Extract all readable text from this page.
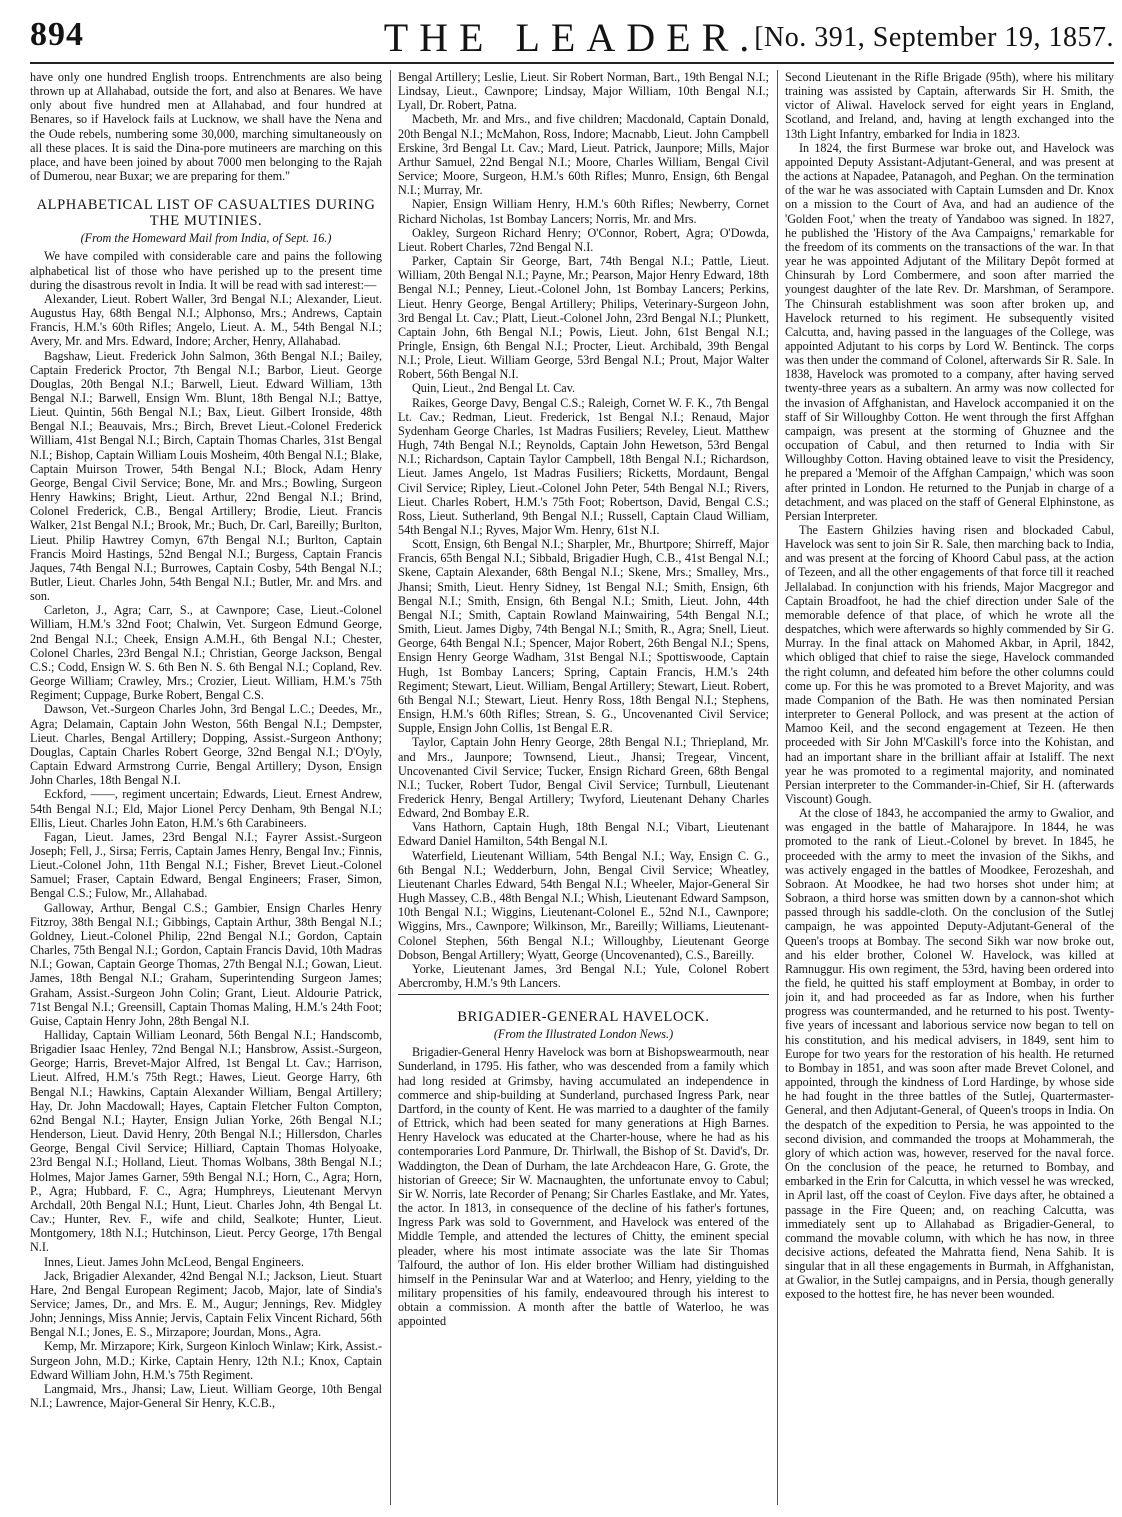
894	THE LEADER.
[No. 391, September 19, 1857.

have only one hundred English troops. Entrenchments are also being thrown up at Allahabad, outside the fort, and also at Benares. We have only about five hundred men at Allahabad, and four hundred at Benares, so if Havelock fails at Lucknow, we shall have the Nena and the Oude rebels, numbering some 30,000, marching simultaneously on all these places. It is said the Dina-pore mutineers are marching on this place, and have been joined by about 7000 men belonging to the Rajah of Dumerou, near Buxar; we are preparing for them."

ALPHABETICAL LIST OF CASUALTIES DURING THE MUTINIES.
(From the Homeward Mail from India, of Sept. 16.)

We have compiled with considerable care and pains the following alphabetical list of those who have perished up to the present time during the disastrous revolt in India. It will be read with sad interest:—

Alexander, Lieut. Robert Waller, 3rd Bengal N.I.; Alexander, Lieut. Augustus Hay, 68th Bengal N.I.; Alphonso, Mrs.; Andrews, Captain Francis, H.M.'s 60th Rifles; Angelo, Lieut. A. M., 54th Bengal N.I.; Avery, Mr. and Mrs. Edward, Indore; Archer, Henry, Allahabad.

Bagshaw, Lieut. Frederick John Salmon, 36th Bengal N.I.; Bailey, Captain Frederick Proctor, 7th Bengal N.I.; Barbor, Lieut. George Douglas, 20th Bengal N.I.; Barwell, Lieut. Edward William, 13th Bengal N.I.; Barwell, Ensign Wm. Blunt, 18th Bengal N.I.; Battye, Lieut. Quintin, 56th Bengal N.I.; Bax, Lieut. Gilbert Ironside, 48th Bengal N.I.; Beauvais, Mrs.; Birch, Brevet Lieut.-Colonel Frederick William, 41st Bengal N.I.; Birch, Captain Thomas Charles, 31st Bengal N.I.; Bishop, Captain William Louis Mosheim, 40th Bengal N.I.; Blake, Captain Muirson Trower, 54th Bengal N.I.; Block, Adam Henry George, Bengal Civil Service; Bone, Mr. and Mrs.; Bowling, Surgeon Henry Hawkins; Bright, Lieut. Arthur, 22nd Bengal N.I.; Brind, Colonel Frederick, C.B., Bengal Artillery; Brodie, Lieut. Francis Walker, 21st Bengal N.I.; Brook, Mr.; Buch, Dr. Carl, Bareilly; Burlton, Lieut. Philip Hawtrey Comyn, 67th Bengal N.I.; Burlton, Captain Francis Moird Hastings, 52nd Bengal N.I.; Burgess, Captain Francis Jaques, 74th Bengal N.I.; Burrowes, Captain Cosby, 54th Bengal N.I.; Butler, Lieut. Charles John, 54th Bengal N.I.; Butler, Mr. and Mrs. and son.

Carleton, J., Agra; Carr, S., at Cawnpore; Case, Lieut.-Colonel William, H.M.'s 32nd Foot; Chalwin, Vet. Surgeon Edmund George, 2nd Bengal N.I.; Cheek, Ensign A.M.H., 6th Bengal N.I.; Chester, Colonel Charles, 23rd Bengal N.I.; Christian, George Jackson, Bengal C.S.; Codd, Ensign W. S. 6th Ben N. S. 6th Bengal N.I.; Copland, Rev. George William; Crawley, Mrs.; Crozier, Lieut. William, H.M.'s 75th Regiment; Cuppage, Burke Robert, Bengal C.S.

Dawson, Vet.-Surgeon Charles John, 3rd Bengal L.C.; Deedes, Mr., Agra; Delamain, Captain John Weston, 56th Bengal N.I.; Dempster, Lieut. Charles, Bengal Artillery; Dopping, Assist.-Surgeon Anthony; Douglas, Captain Charles Robert George, 32nd Bengal N.I.; D'Oyly, Captain Edward Armstrong Currie, Bengal Artillery; Dyson, Ensign John Charles, 18th Bengal N.I.

Eckford, ——, regiment uncertain; Edwards, Lieut. Ernest Andrew, 54th Bengal N.I.; Eld, Major Lionel Percy Denham, 9th Bengal N.I.; Ellis, Lieut. Charles John Eaton, H.M.'s 6th Carabineers.

Fagan, Lieut. James, 23rd Bengal N.I.; Fayrer Assist.-Surgeon Joseph; Fell, J., Sirsa; Ferris, Captain James Henry, Bengal Inv.; Finnis, Lieut.-Colonel John, 11th Bengal N.I.; Fisher, Brevet Lieut.-Colonel Samuel; Fraser, Captain Edward, Bengal Engineers; Fraser, Simon, Bengal C.S.; Fulow, Mr., Allahabad.

Galloway, Arthur, Bengal C.S.; Gambier, Ensign Charles Henry Fitzroy, 38th Bengal N.I.; Gibbings, Captain Arthur, 38th Bengal N.I.; Goldney, Lieut.-Colonel Philip, 22nd Bengal N.I.; Gordon, Captain Charles, 75th Bengal N.I.; Gordon, Captain Francis David, 10th Madras N.I.; Gowan, Captain George Thomas, 27th Bengal N.I.; Gowan, Lieut. James, 18th Bengal N.I.; Graham, Superintending Surgeon James; Graham, Assist.-Surgeon John Colin; Grant, Lieut. Aldourie Patrick, 71st Bengal N.I.; Greensill, Captain Thomas Maling, H.M.'s 24th Foot; Guise, Captain Henry John, 28th Bengal N.I.

Halliday, Captain William Leonard, 56th Bengal N.I.; Handscomb, Brigadier Isaac Henley, 72nd Bengal N.I.; Hansbrow, Assist.-Surgeon, George; Harris, Brevet-Major Alfred, 1st Bengal Lt. Cav.; Harrison, Lieut. Alfred, H.M.'s 75th Regt.; Hawes, Lieut. George Harry, 6th Bengal N.I.; Hawkins, Captain Alexander William, Bengal Artillery; Hay, Dr. John Macdowall; Hayes, Captain Fletcher Fulton Compton, 62nd Bengal N.I.; Hayter, Ensign Julian Yorke, 26th Bengal N.I.; Henderson, Lieut. David Henry, 20th Bengal N.I.; Hillersdon, Charles George, Bengal Civil Service; Hilliard, Captain Thomas Holyoake, 23rd Bengal N.I.; Holland, Lieut. Thomas Wolbans, 38th Bengal N.I.; Holmes, Major James Garner, 59th Bengal N.I.; Horn, C., Agra; Horn, P., Agra; Hubbard, F. C., Agra; Humphreys, Lieutenant Mervyn Archdall, 20th Bengal N.I.; Hunt, Lieut. Charles John, 4th Bengal Lt. Cav.; Hunter, Rev. F., wife and child, Sealkote; Hunter, Lieut. Montgomery, 18th N.I.; Hutchinson, Lieut. Percy George, 17th Bengal N.I.

Innes, Lieut. James John McLeod, Bengal Engineers.

Jack, Brigadier Alexander, 42nd Bengal N.I.; Jackson, Lieut. Stuart Hare, 2nd Bengal European Regiment; Jacob, Major, late of Sindia's Service; James, Dr., and Mrs. E. M., Augur; Jennings, Rev. Midgley John; Jennings, Miss Annie; Jervis, Captain Felix Vincent Richard, 56th Bengal N.I.; Jones, E. S., Mirzapore; Jourdan, Mons., Agra.

Kemp, Mr. Mirzapore; Kirk, Surgeon Kinloch Winlaw; Kirk, Assist.-Surgeon John, M.D.; Kirke, Captain Henry, 12th N.I.; Knox, Captain Edward William John, H.M.'s 75th Regiment.

Langmaid, Mrs., Jhansi; Law, Lieut. William George, 10th Bengal N.I.; Lawrence, Major-General Sir Henry, K.C.B.,

Bengal Artillery; Leslie, Lieut. Sir Robert Norman, Bart., 19th Bengal N.I.; Lindsay, Lieut., Cawnpore; Lindsay, Major William, 10th Bengal N.I.; Lyall, Dr. Robert, Patna.

Macbeth, Mr. and Mrs., and five children; Macdonald, Captain Donald, 20th Bengal N.I.; McMahon, Ross, Indore; Macnabb, Lieut. John Campbell Erskine, 3rd Bengal Lt. Cav.; Mard, Lieut. Patrick, Jaunpore; Mills, Major Arthur Samuel, 22nd Bengal N.I.; Moore, Charles William, Bengal Civil Service; Moore, Surgeon, H.M.'s 60th Rifles; Munro, Ensign, 6th Bengal N.I.; Murray, Mr.

Napier, Ensign William Henry, H.M.'s 60th Rifles; Newberry, Cornet Richard Nicholas, 1st Bombay Lancers; Norris, Mr. and Mrs.

Oakley, Surgeon Richard Henry; O'Connor, Robert, Agra; O'Dowda, Lieut. Robert Charles, 72nd Bengal N.I.

Parker, Captain Sir George, Bart, 74th Bengal N.I.; Pattle, Lieut. William, 20th Bengal N.I.; Payne, Mr.; Pearson, Major Henry Edward, 18th Bengal N.I.; Penney, Lieut.-Colonel John, 1st Bombay Lancers; Perkins, Lieut. Henry George, Bengal Artillery; Philips, Veterinary-Surgeon John, 3rd Bengal Lt. Cav.; Platt, Lieut.-Colonel John, 23rd Bengal N.I.; Plunkett, Captain John, 6th Bengal N.I.; Powis, Lieut. John, 61st Bengal N.I.; Pringle, Ensign, 6th Bengal N.I.; Procter, Lieut. Archibald, 39th Bengal N.I.; Prole, Lieut. William George, 53rd Bengal N.I.; Prout, Major Walter Robert, 56th Bengal N.I.

Quin, Lieut., 2nd Bengal Lt. Cav.

Raikes, George Davy, Bengal C.S.; Raleigh, Cornet W. F. K., 7th Bengal Lt. Cav.; Redman, Lieut. Frederick, 1st Bengal N.I.; Renaud, Major Sydenham George Charles, 1st Madras Fusiliers; Reveley, Lieut. Matthew Hugh, 74th Bengal N.I.; Reynolds, Captain John Hewetson, 53rd Bengal N.I.; Richardson, Captain Taylor Campbell, 18th Bengal N.I.; Richardson, Lieut. James Angelo, 1st Madras Fusiliers; Ricketts, Mordaunt, Bengal Civil Service; Ripley, Lieut.-Colonel John Peter, 54th Bengal N.I.; Rivers, Lieut. Charles Robert, H.M.'s 75th Foot; Robertson, David, Bengal C.S.; Ross, Lieut. Sutherland, 9th Bengal N.I.; Russell, Captain Claud William, 54th Bengal N.I.; Ryves, Major Wm. Henry, 61st N.I.

Scott, Ensign, 6th Bengal N.I.; Sharpler, Mr., Bhurtpore; Shirreff, Major Francis, 65th Bengal N.I.; Sibbald, Brigadier Hugh, C.B., 41st Bengal N.I.; Skene, Captain Alexander, 68th Bengal N.I.; Skene, Mrs.; Smalley, Mrs., Jhansi; Smith, Lieut. Henry Sidney, 1st Bengal N.I.; Smith, Ensign, 6th Bengal N.I.; Smith, Ensign, 6th Bengal N.I.; Smith, Lieut. John, 44th Bengal N.I.; Smith, Captain Rowland Mainwairing, 54th Bengal N.I.; Smith, Lieut. James Digby, 74th Bengal N.I.; Smith, R., Agra; Snell, Lieut. George, 64th Bengal N.I.; Spencer, Major Robert, 26th Bengal N.I.; Spens, Ensign Henry George Wadham, 31st Bengal N.I.; Spottiswoode, Captain Hugh, 1st Bombay Lancers; Spring, Captain Francis, H.M.'s 24th Regiment; Stewart, Lieut. William, Bengal Artillery; Stewart, Lieut. Robert, 6th Bengal N.I.; Stewart, Lieut. Henry Ross, 18th Bengal N.I.; Stephens, Ensign, H.M.'s 60th Rifles; Strean, S. G., Uncovenanted Civil Service; Supple, Ensign John Collis, 1st Bengal E.R.

Taylor, Captain John Henry George, 28th Bengal N.I.; Thriepland, Mr. and Mrs., Jaunpore; Townsend, Lieut., Jhansi; Tregear, Vincent, Uncovenanted Civil Service; Tucker, Ensign Richard Green, 68th Bengal N.I.; Tucker, Robert Tudor, Bengal Civil Service; Turnbull, Lieutenant Frederick Henry, Bengal Artillery; Twyford, Lieutenant Dehany Charles Edward, 2nd Bombay E.R.

Vans Hathorn, Captain Hugh, 18th Bengal N.I.; Vibart, Lieutenant Edward Daniel Hamilton, 54th Bengal N.I.

Waterfield, Lieutenant William, 54th Bengal N.I.; Way, Ensign C. G., 6th Bengal N.I.; Wedderburn, John, Bengal Civil Service; Wheatley, Lieutenant Charles Edward, 54th Bengal N.I.; Wheeler, Major-General Sir Hugh Massey, C.B., 48th Bengal N.I.; Whish, Lieutenant Edward Sampson, 10th Bengal N.I.; Wiggins, Lieutenant-Colonel E., 52nd N.I., Cawnpore; Wiggins, Mrs., Cawnpore; Wilkinson, Mr., Bareilly; Williams, Lieutenant-Colonel Stephen, 56th Bengal N.I.; Willoughby, Lieutenant George Dobson, Bengal Artillery; Wyatt, George (Uncovenanted), C.S., Bareilly.

Yorke, Lieutenant James, 3rd Bengal N.I.; Yule, Colonel Robert Abercromby, H.M.'s 9th Lancers.

BRIGADIER-GENERAL HAVELOCK.
(From the Illustrated London News.)

Brigadier-General Henry Havelock was born at Bishopswearmouth, near Sunderland, in 1795. His father, who was descended from a family which had long resided at Grimsby, having accumulated an independence in commerce and ship-building at Sunderland, purchased Ingress Park, near Dartford, in the county of Kent. He was married to a daughter of the family of Ettrick, which had been seated for many generations at High Barnes. Henry Havelock was educated at the Charter-house, where he had as his contemporaries Lord Panmure, Dr. Thirlwall, the Bishop of St. David's, Dr. Waddington, the Dean of Durham, the late Archdeacon Hare, G. Grote, the historian of Greece; Sir W. Macnaughten, the unfortunate envoy to Cabul; Sir W. Norris, late Recorder of Penang; Sir Charles Eastlake, and Mr. Yates, the actor. In 1813, in consequence of the decline of his father's fortunes, Ingress Park was sold to Government, and Havelock was entered of the Middle Temple, and attended the lectures of Chitty, the eminent special pleader, where his most intimate associate was the late Sir Thomas Talfourd, the author of Ion. His elder brother William had distinguished himself in the Peninsular War and at Waterloo; and Henry, yielding to the military propensities of his family, endeavoured through his interest to obtain a commission. A month after the battle of Waterloo, he was appointed

Second Lieutenant in the Rifle Brigade (95th), where his military training was assisted by Captain, afterwards Sir H. Smith, the victor of Aliwal. Havelock served for eight years in England, Scotland, and Ireland, and, having at length exchanged into the 13th Light Infantry, embarked for India in 1823.

In 1824, the first Burmese war broke out, and Havelock was appointed Deputy Assistant-Adjutant-General, and was present at the actions at Napadee, Patanagoh, and Peghan. On the termination of the war he was associated with Captain Lumsden and Dr. Knox on a mission to the Court of Ava, and had an audience of the 'Golden Foot,' when the treaty of Yandaboo was signed. In 1827, he published the 'History of the Ava Campaigns,' remarkable for the freedom of its comments on the transactions of the war. In that year he was appointed Adjutant of the Military Depôt formed at Chinsurah by Lord Combermere, and soon after married the youngest daughter of the late Rev. Dr. Marshman, of Serampore. The Chinsurah establishment was soon after broken up, and Havelock returned to his regiment. He subsequently visited Calcutta, and, having passed in the languages of the College, was appointed Adjutant to his corps by Lord W. Bentinck. The corps was then under the command of Colonel, afterwards Sir R. Sale. In 1838, Havelock was promoted to a company, after having served twenty-three years as a subaltern. An army was now collected for the invasion of Affghanistan, and Havelock accompanied it on the staff of Sir Willoughby Cotton. He went through the first Affghan campaign, was present at the storming of Ghuznee and the occupation of Cabul, and then returned to India with Sir Willoughby Cotton. Having obtained leave to visit the Presidency, he prepared a 'Memoir of the Affghan Campaign,' which was soon after printed in London. He returned to the Punjab in charge of a detachment, and was placed on the staff of General Elphinstone, as Persian Interpreter.

The Eastern Ghilzies having risen and blockaded Cabul, Havelock was sent to join Sir R. Sale, then marching back to India, and was present at the forcing of Khoord Cabul pass, at the action of Tezeen, and all the other engagements of that force till it reached Jellalabad. In conjunction with his friends, Major Macgregor and Captain Broadfoot, he had the chief direction under Sale of the memorable defence of that place, of which he wrote all the despatches, which were afterwards so highly commended by Sir G. Murray. In the final attack on Mahomed Akbar, in April, 1842, which obliged that chief to raise the siege, Havelock commanded the right column, and defeated him before the other columns could come up. For this he was promoted to a Brevet Majority, and was made Companion of the Bath. He was then nominated Persian interpreter to General Pollock, and was present at the action of Mamoo Keil, and the second engagement at Tezeen. He then proceeded with Sir John M'Caskill's force into the Kohistan, and had an important share in the brilliant affair at Istaliff. The next year he was promoted to a regimental majority, and nominated Persian interpreter to the Commander-in-Chief, Sir H. (afterwards Viscount) Gough.

At the close of 1843, he accompanied the army to Gwalior, and was engaged in the battle of Maharajpore. In 1844, he was promoted to the rank of Lieut.-Colonel by brevet. In 1845, he proceeded with the army to meet the invasion of the Sikhs, and was actively engaged in the battles of Moodkee, Ferozeshah, and Sobraon. At Moodkee, he had two horses shot under him; at Sobraon, a third horse was smitten down by a cannon-shot which passed through his saddle-cloth. On the conclusion of the Sutlej campaign, he was appointed Deputy-Adjutant-General of the Queen's troops at Bombay. The second Sikh war now broke out, and his elder brother, Colonel W. Havelock, was killed at Ramnuggur. His own regiment, the 53rd, having been ordered into the field, he quitted his staff employment at Bombay, in order to join it, and had proceeded as far as Indore, when his further progress was countermanded, and he returned to his post. Twenty-five years of incessant and laborious service now began to tell on his constitution, and his medical advisers, in 1849, sent him to Europe for two years for the restoration of his health. He returned to Bombay in 1851, and was soon after made Brevet Colonel, and appointed, through the kindness of Lord Hardinge, by whose side he had fought in the three battles of the Sutlej, Quartermaster-General, and then Adjutant-General, of Queen's troops in India. On the despatch of the expedition to Persia, he was appointed to the second division, and commanded the troops at Mohammerah, the glory of which action was, however, reserved for the naval force. On the conclusion of the peace, he returned to Bombay, and embarked in the Erin for Calcutta, in which vessel he was wrecked, in April last, off the coast of Ceylon. Five days after, he obtained a passage in the Fire Queen; and, on reaching Calcutta, was immediately sent up to Allahabad as Brigadier-General, to command the movable column, with which he has now, in three decisive actions, defeated the Mahratta fiend, Nena Sahib. It is singular that in all these engagements in Burmah, in Affghanistan, at Gwalior, in the Sutlej campaigns, and in Persia, though generally exposed to the hottest fire, he has never been wounded.
